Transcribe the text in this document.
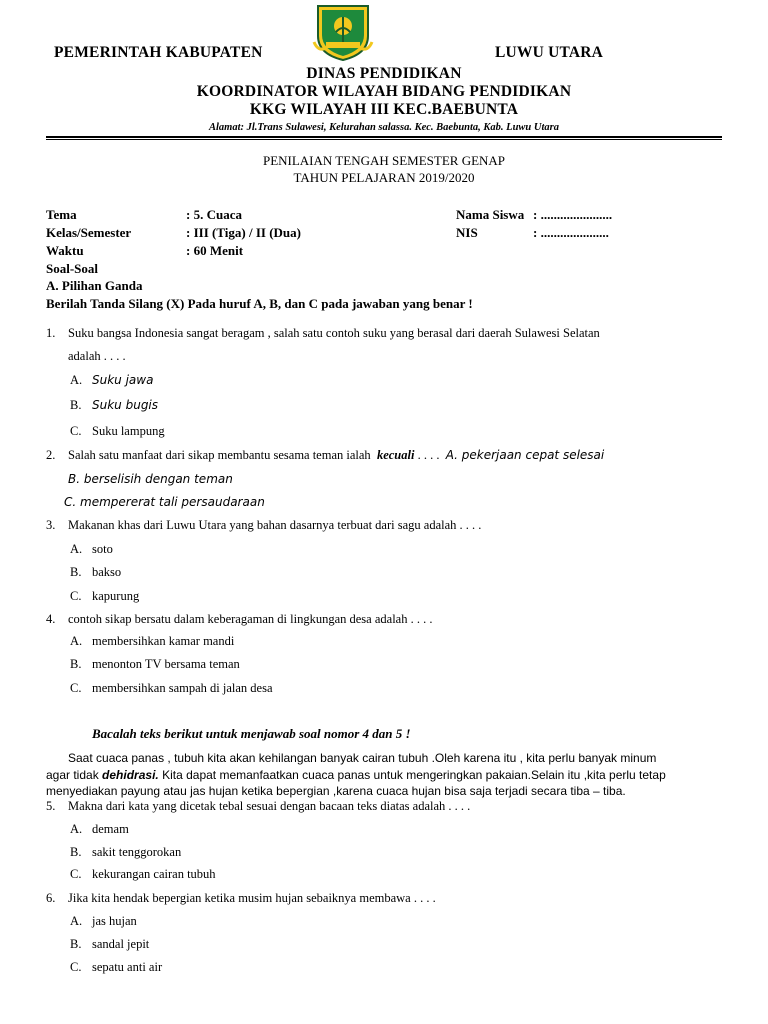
PEMERINTAH KABUPATEN	LUWU UTARA
DINAS PENDIDIKAN
KOORDINATOR WILAYAH BIDANG PENDIDIKAN
KKG WILAYAH III KEC.BAEBUNTA
Alamat: Jl.Trans Sulawesi, Kelurahan salassa. Kec. Baebunta, Kab. Luwu Utara
PENILAIAN TENGAH SEMESTER GENAP
TAHUN PELAJARAN 2019/2020
Tema	: 5. Cuaca
Kelas/Semester	: III (Tiga) / II (Dua)
Waktu	: 60 Menit
Nama Siswa : ......................
NIS	: .....................
Soal-Soal
A. Pilihan Ganda
Berilah Tanda Silang (X) Pada huruf A, B, dan C pada jawaban yang benar !
1. Suku bangsa Indonesia sangat beragam , salah satu contoh suku yang berasal dari daerah Sulawesi Selatan
adalah . . . .
A. Suku jawa
B. Suku bugis
C. Suku lampung
2. Salah satu manfaat dari sikap membantu sesama teman ialah kecuali . . . . A. pekerjaan cepat selesai
B. berselisih dengan teman
C. mempererat tali persaudaraan
3. Makanan khas dari Luwu Utara yang bahan dasarnya terbuat dari sagu adalah . . . .
A. soto
B. bakso
C. kapurung
4. contoh sikap bersatu dalam keberagaman di lingkungan desa adalah . . . .
A. membersihkan kamar mandi
B. menonton TV bersama teman
C. membersihkan sampah di jalan desa
Bacalah teks berikut untuk menjawab soal nomor 4 dan 5 !
Saat cuaca panas , tubuh kita akan kehilangan banyak cairan tubuh .Oleh karena itu , kita perlu banyak minum
agar tidak dehidrasi. Kita dapat memanfaatkan cuaca panas untuk mengeringkan pakaian.Selain itu ,kita perlu tetap
menyediakan payung atau jas hujan ketika bepergian ,karena cuaca hujan bisa saja terjadi secara tiba – tiba.
5. Makna dari kata yang dicetak tebal sesuai dengan bacaan teks diatas adalah . . . .
A. demam
B. sakit tenggorokan
C. kekurangan cairan tubuh
6. Jika kita hendak bepergian ketika musim hujan sebaiknya membawa . . . .
A. jas hujan
B. sandal jepit
C. sepatu anti air
